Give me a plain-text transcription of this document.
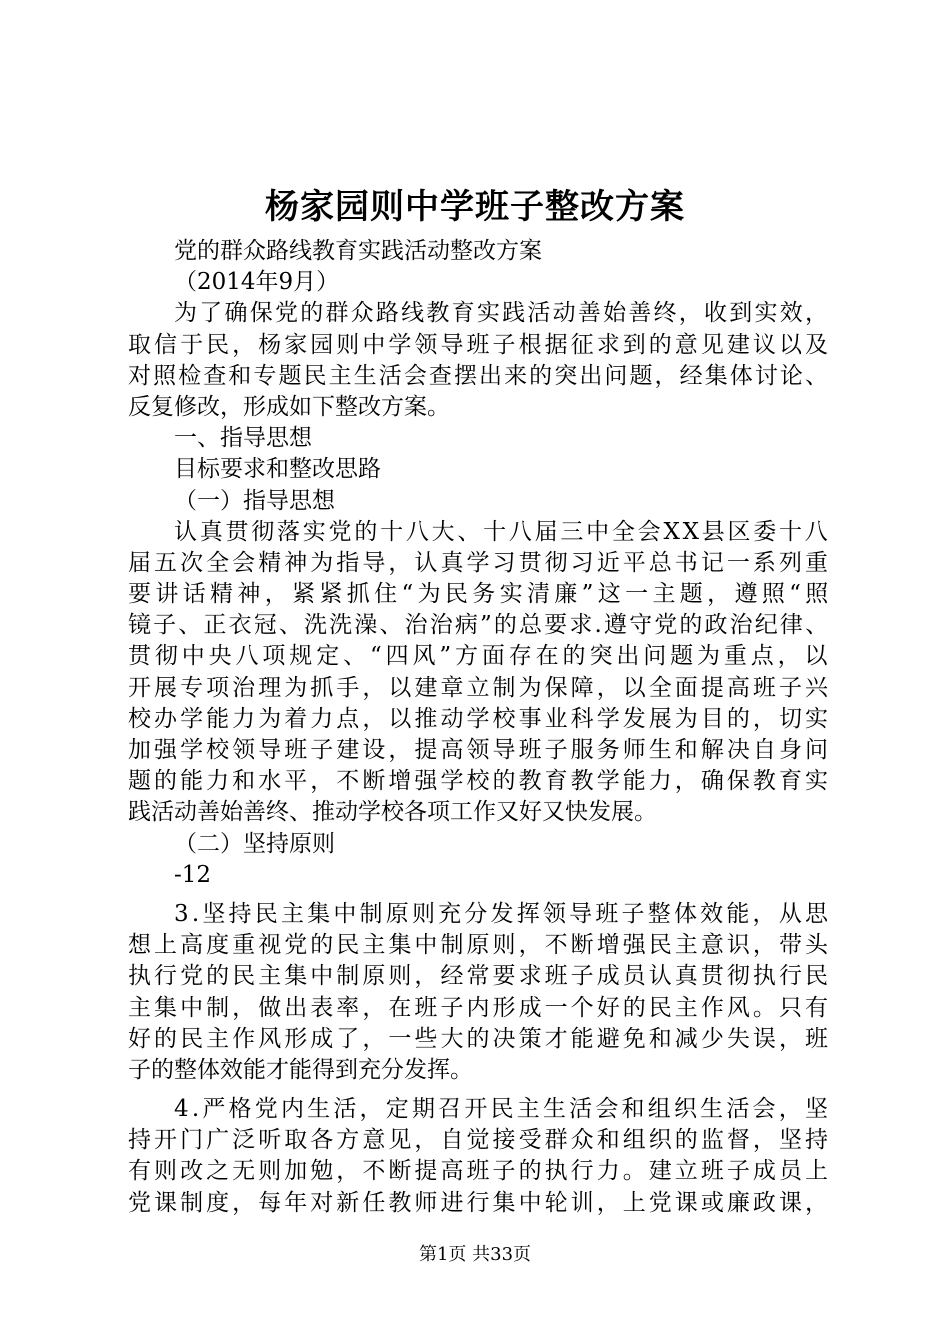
杨家园则中学班子整改方案
党的群众路线教育实践活动整改方案
（2014年9月）
为了确保党的群众路线教育实践活动善始善终，收到实效，
取信于民，杨家园则中学领导班子根据征求到的意见建议以及
对照检查和专题民主生活会查摆出来的突出问题，经集体讨论、
反复修改，形成如下整改方案。
一、指导思想
目标要求和整改思路
（一）指导思想
认真贯彻落实党的十八大、十八届三中全会XX县区委十八
届五次全会精神为指导，认真学习贯彻习近平总书记一系列重
要讲话精神，紧紧抓住“为民务实清廉”这一主题，遵照“照
镜子、正衣冠、洗洗澡、治治病”的总要求.遵守党的政治纪律、
贯彻中央八项规定、“四风”方面存在的突出问题为重点，以
开展专项治理为抓手，以建章立制为保障，以全面提高班子兴
校办学能力为着力点，以推动学校事业科学发展为目的，切实
加强学校领导班子建设，提高领导班子服务师生和解决自身问
题的能力和水平，不断增强学校的教育教学能力，确保教育实
践活动善始善终、推动学校各项工作又好又快发展。
（二）坚持原则
-12
3.坚持民主集中制原则充分发挥领导班子整体效能，从思
想上高度重视党的民主集中制原则，不断增强民主意识，带头
执行党的民主集中制原则，经常要求班子成员认真贯彻执行民
主集中制，做出表率，在班子内形成一个好的民主作风。只有
好的民主作风形成了，一些大的决策才能避免和减少失误，班
子的整体效能才能得到充分发挥。
4.严格党内生活，定期召开民主生活会和组织生活会，坚
持开门广泛听取各方意见，自觉接受群众和组织的监督，坚持
有则改之无则加勉，不断提高班子的执行力。建立班子成员上
党课制度，每年对新任教师进行集中轮训，上党课或廉政课，
第1页 共33页
